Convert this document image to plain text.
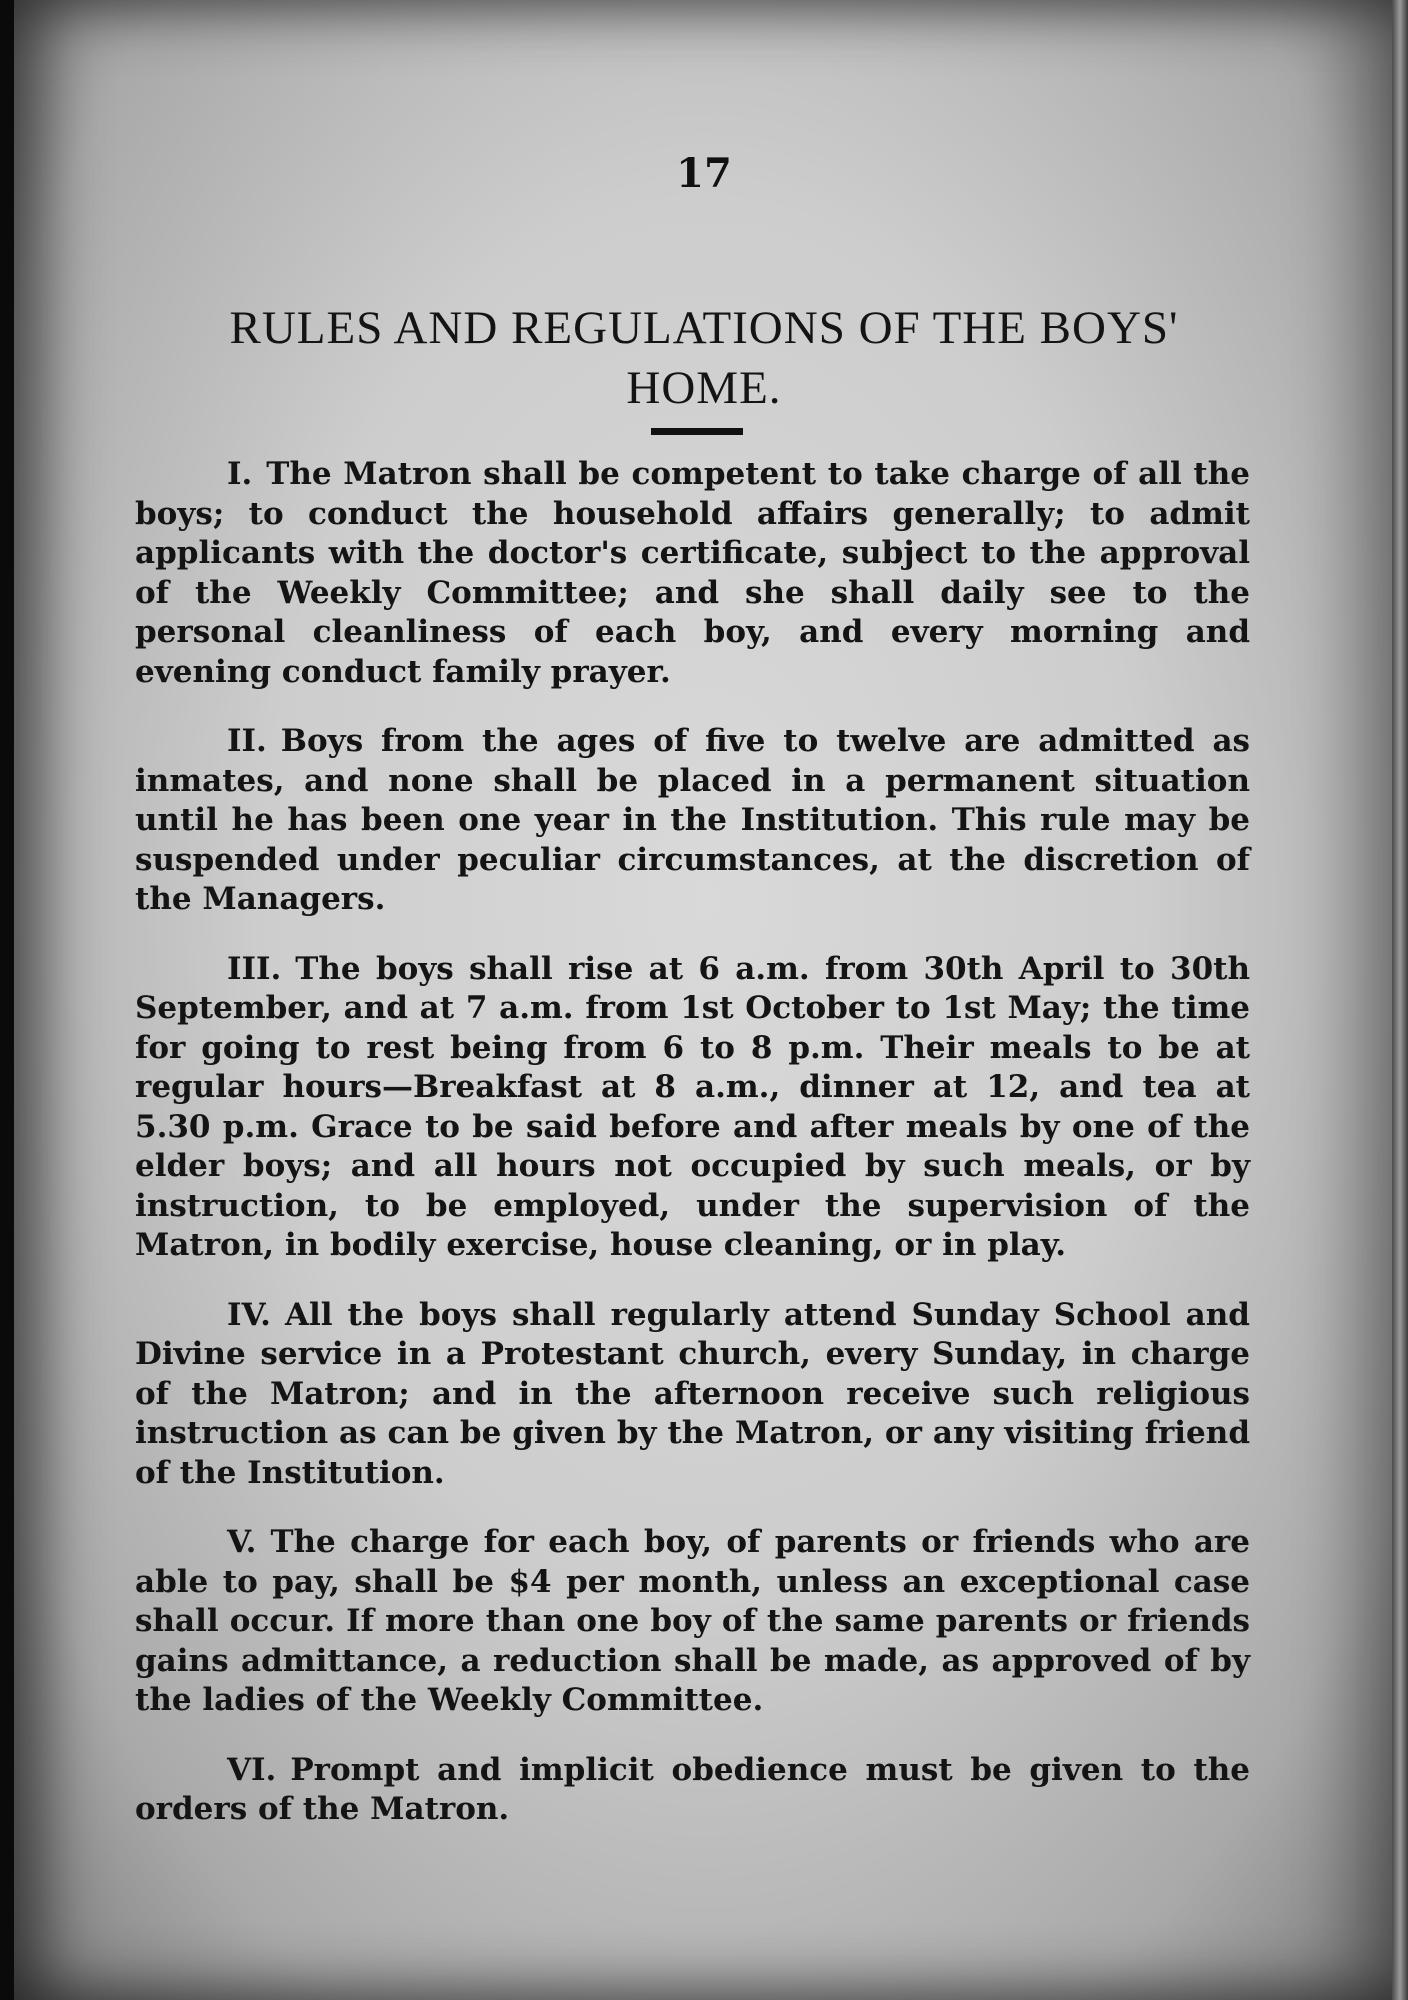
17
RULES AND REGULATIONS OF THE BOYS' HOME.

I. The Matron shall be competent to take charge of all the boys; to conduct the household affairs generally; to admit applicants with the doctor's certificate, subject to the approval of the Weekly Committee; and she shall daily see to the personal cleanliness of each boy, and every morning and evening conduct family prayer.

II. Boys from the ages of five to twelve are admitted as inmates, and none shall be placed in a permanent situation until he has been one year in the Institution. This rule may be suspended under peculiar circumstances, at the discretion of the Managers.

III. The boys shall rise at 6 a.m. from 30th April to 30th September, and at 7 a.m. from 1st October to 1st May; the time for going to rest being from 6 to 8 p.m. Their meals to be at regular hours—Breakfast at 8 a.m., dinner at 12, and tea at 5.30 p.m. Grace to be said before and after meals by one of the elder boys; and all hours not occupied by such meals, or by instruction, to be employed, under the supervision of the Matron, in bodily exercise, house cleaning, or in play.

IV. All the boys shall regularly attend Sunday School and Divine service in a Protestant church, every Sunday, in charge of the Matron; and in the afternoon receive such religious instruction as can be given by the Matron, or any visiting friend of the Institution.

V. The charge for each boy, of parents or friends who are able to pay, shall be $4 per month, unless an exceptional case shall occur. If more than one boy of the same parents or friends gains admittance, a reduction shall be made, as approved of by the ladies of the Weekly Committee.

VI. Prompt and implicit obedience must be given to the orders of the Matron.
